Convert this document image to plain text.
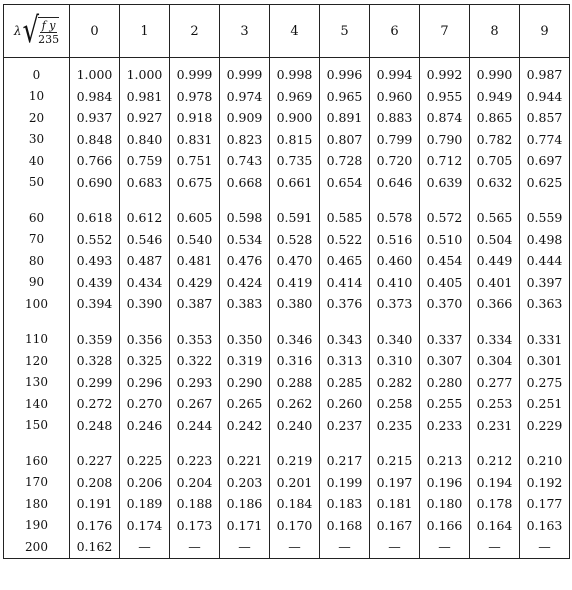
λ √ $\frac{\text{f y}}{235}$	0	1	2	3	4	5	6	7	8	9
0	1.000	1.000	0.999	0.999	0.998	0.996	0.994	0.992	0.990	0.987
10	0.984	0.981	0.978	0.974	0.969	0.965	0.960	0.955	0.949	0.944
20	0.937	0.927	0.918	0.909	0.900	0.891	0.883	0.874	0.865	0.857
30	0.848	0.840	0.831	0.823	0.815	0.807	0.799	0.790	0.782	0.774
40	0.766	0.759	0.751	0.743	0.735	0.728	0.720	0.712	0.705	0.697
50	0.690	0.683	0.675	0.668	0.661	0.654	0.646	0.639	0.632	0.625

60	0.618	0.612	0.605	0.598	0.591	0.585	0.578	0.572	0.565	0.559
70	0.552	0.546	0.540	0.534	0.528	0.522	0.516	0.510	0.504	0.498
80	0.493	0.487	0.481	0.476	0.470	0.465	0.460	0.454	0.449	0.444
90	0.439	0.434	0.429	0.424	0.419	0.414	0.410	0.405	0.401	0.397
100	0.394	0.390	0.387	0.383	0.380	0.376	0.373	0.370	0.366	0.363

110	0.359	0.356	0.353	0.350	0.346	0.343	0.340	0.337	0.334	0.331
120	0.328	0.325	0.322	0.319	0.316	0.313	0.310	0.307	0.304	0.301
130	0.299	0.296	0.293	0.290	0.288	0.285	0.282	0.280	0.277	0.275
140	0.272	0.270	0.267	0.265	0.262	0.260	0.258	0.255	0.253	0.251
150	0.248	0.246	0.244	0.242	0.240	0.237	0.235	0.233	0.231	0.229

160	0.227	0.225	0.223	0.221	0.219	0.217	0.215	0.213	0.212	0.210
170	0.208	0.206	0.204	0.203	0.201	0.199	0.197	0.196	0.194	0.192
180	0.191	0.189	0.188	0.186	0.184	0.183	0.181	0.180	0.178	0.177
190	0.176	0.174	0.173	0.171	0.170	0.168	0.167	0.166	0.164	0.163
200	0.162	—	—	—	—	—	—	—	—	—
